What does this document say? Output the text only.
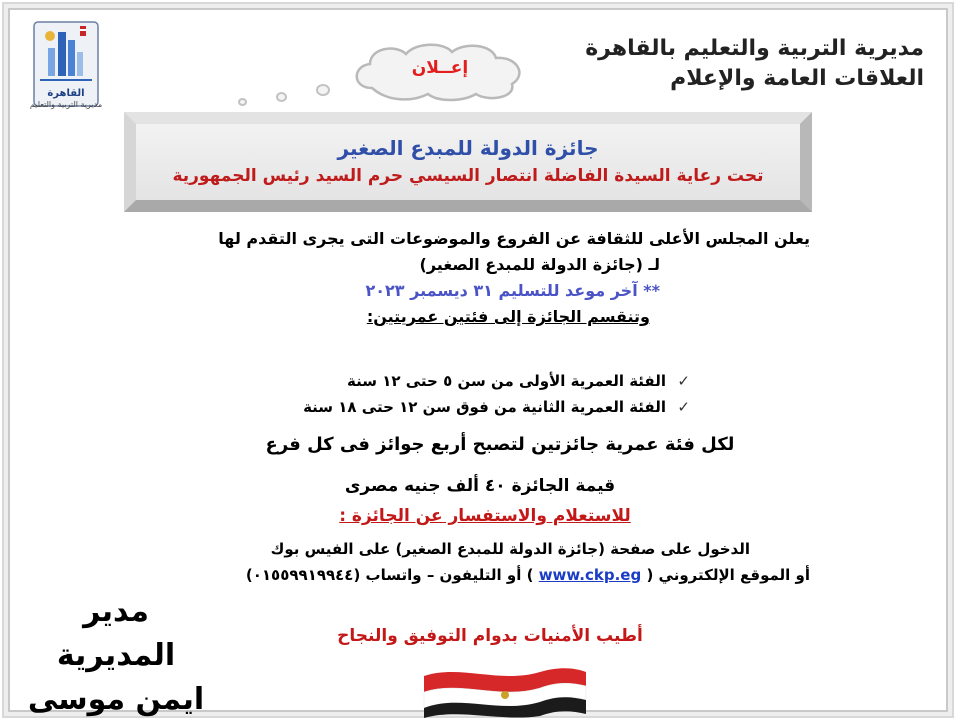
القاهرة
مديرية التربية والتعليم
مديرية التربية والتعليم بالقاهرة
العلاقات العامة والإعلام
إعــلان
جائزة الدولة للمبدع الصغير
تحت رعاية السيدة الفاضلة انتصار السيسي حرم السيد رئيس الجمهورية
يعلن المجلس الأعلى للثقافة عن الفروع والموضوعات التى يجرى التقدم لها
لـ (جائزة الدولة للمبدع الصغير)
** آخر موعد للتسليم ٣١ ديسمبر ٢٠٢٣
وتنقسم الجائزة إلى فئتين عمريتين:
✓الفئة العمرية الأولى من سن ٥ حتى ١٢ سنة
✓الفئة العمرية الثانية من فوق سن ١٢ حتى ١٨ سنة
لكل فئة عمرية جائزتين لتصبح أربع جوائز فى كل فرع
قيمة الجائزة ٤٠ ألف جنيه مصرى
للاستعلام والاستفسار عن الجائزة :
الدخول على صفحة (جائزة الدولة للمبدع الصغير) على الفيس بوك
أو الموقع الإلكتروني ( www.ckp.eg ) أو التليفون – واتساب (٠١٥٥٩٩١٩٩٤٤)
مدير المديرية
ايمن موسى
أطيب الأمنيات بدوام التوفيق والنجاح
